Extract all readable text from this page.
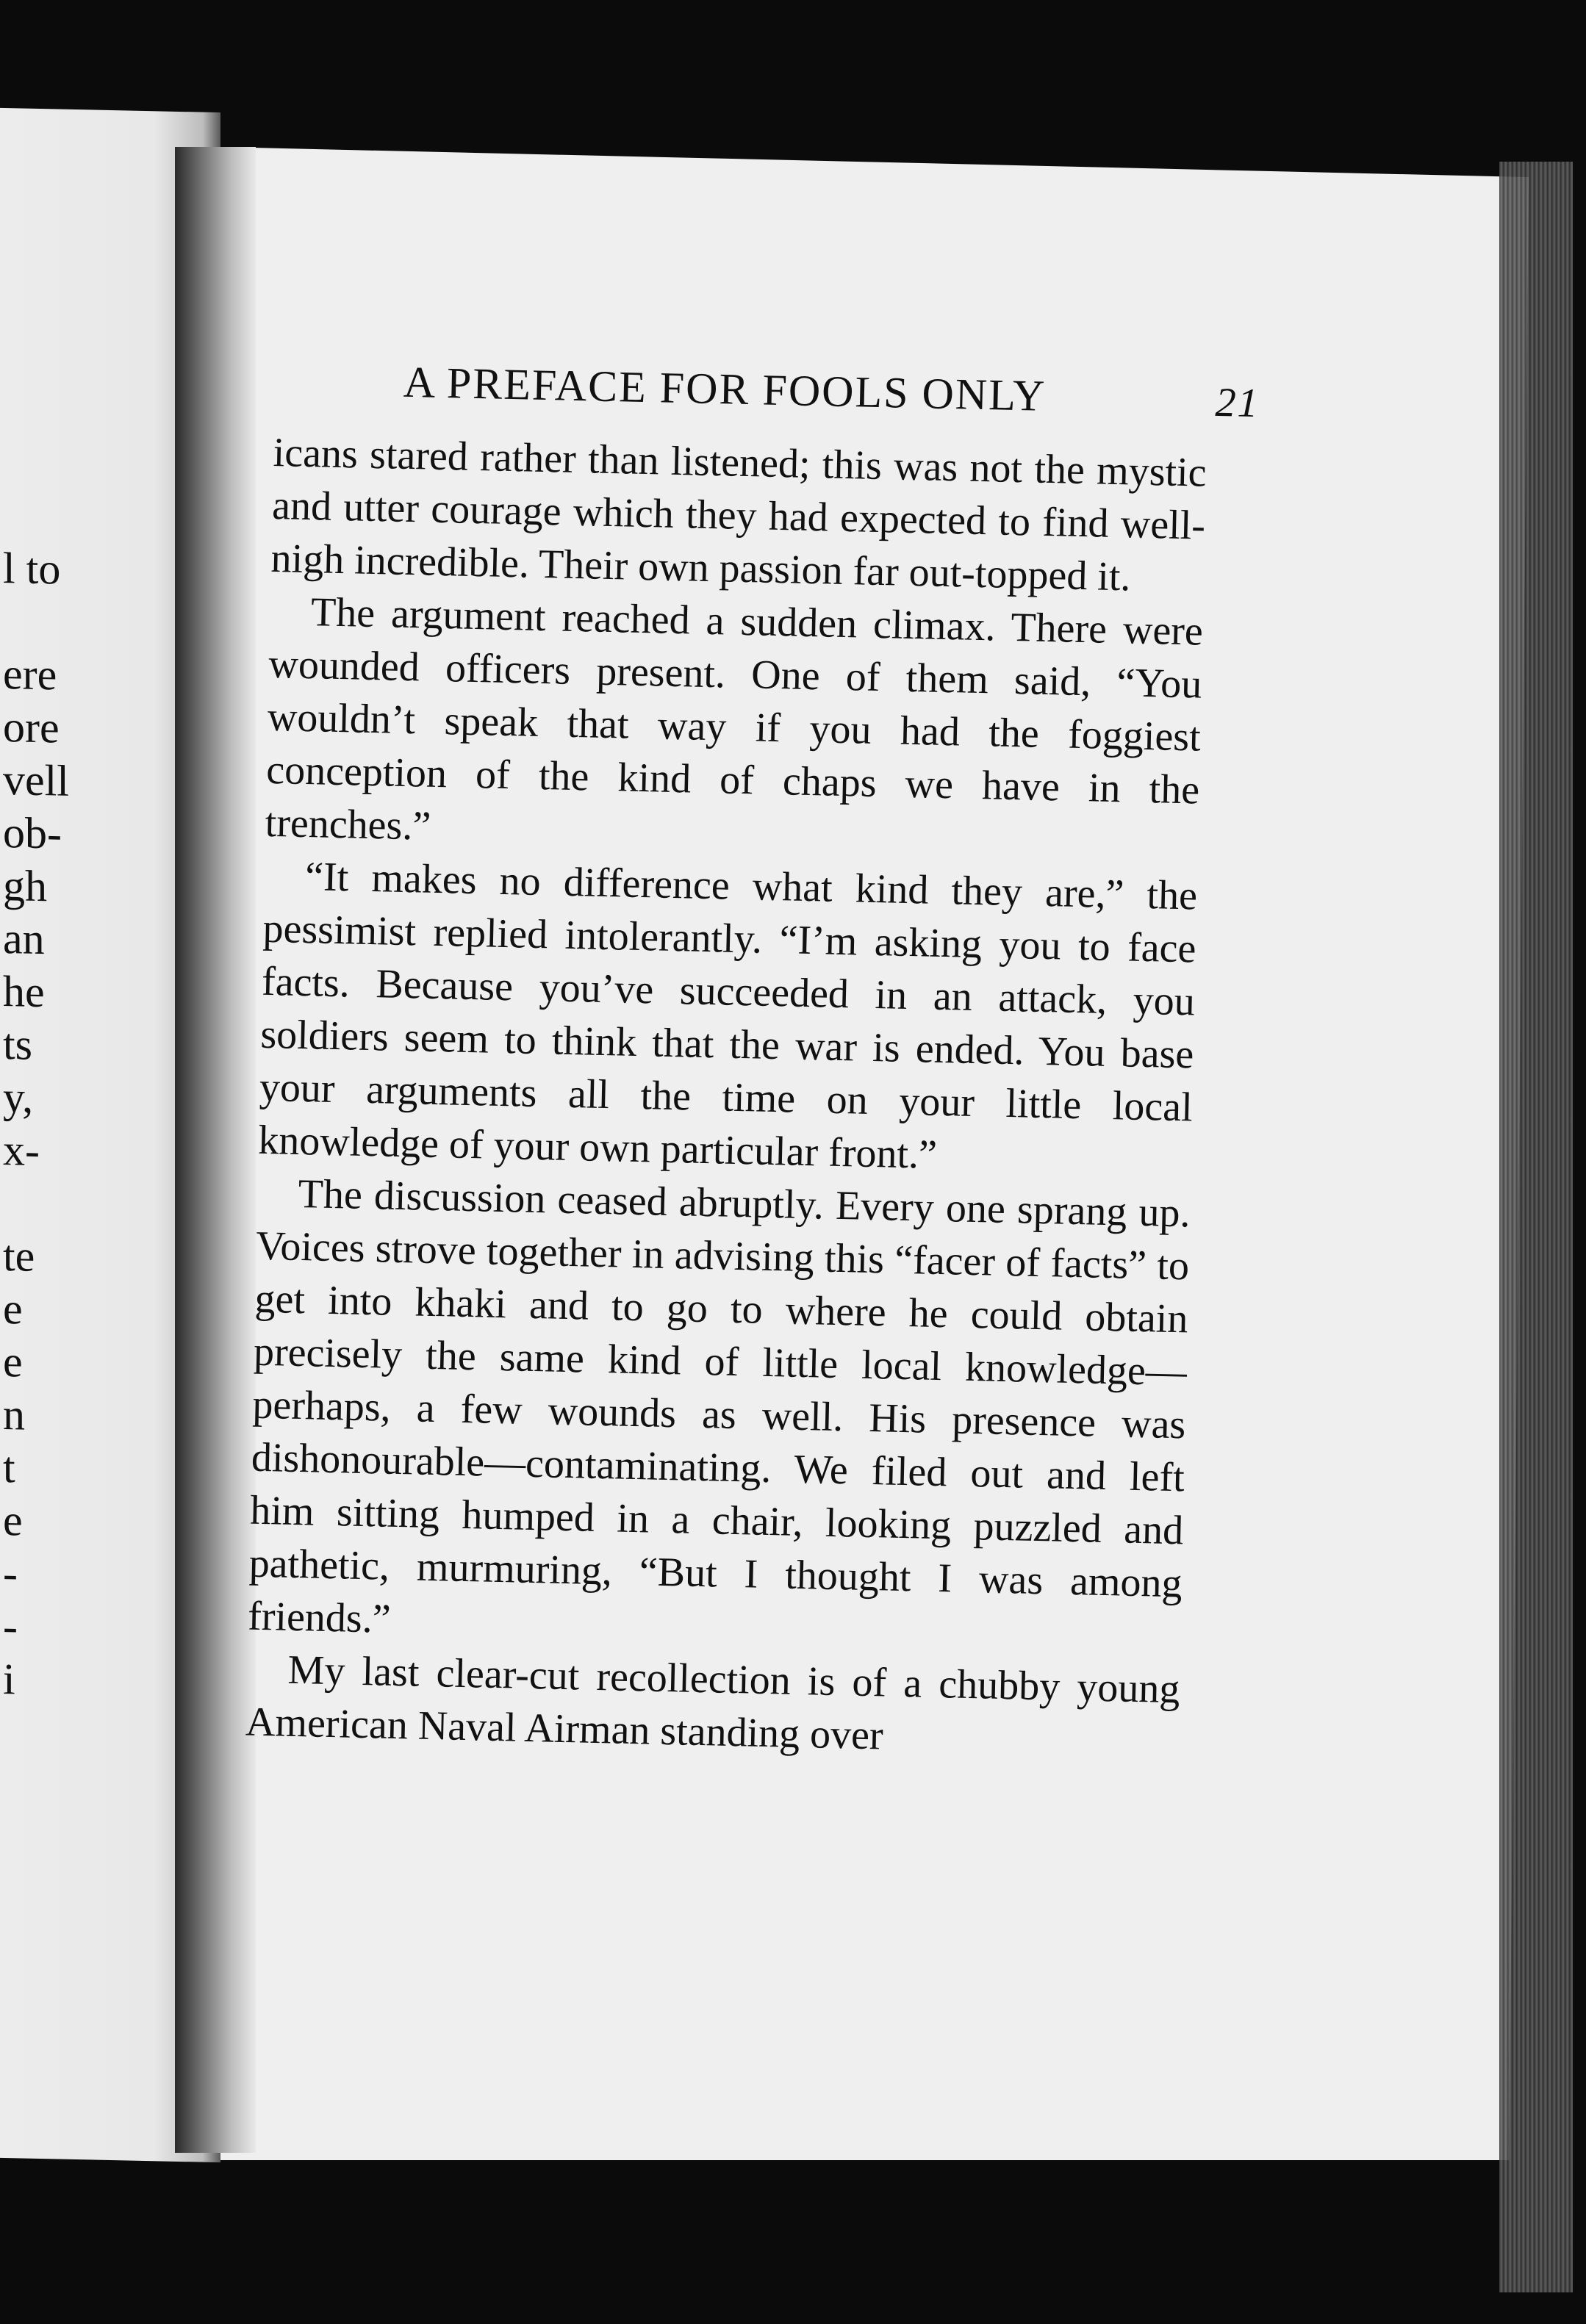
l to
ere
ore
vell
ob-
gh
an
he
ts
y,
x-
te
e
e
n
t
e
-
-
i
A PREFACE FOR FOOLS ONLY	21

icans stared rather than listened; this was not the mystic and utter courage which they had expected to find well-nigh incredible. Their own passion far out-topped it.

The argument reached a sudden climax. There were wounded officers present. One of them said, “You wouldn’t speak that way if you had the foggiest conception of the kind of chaps we have in the trenches.”

“It makes no difference what kind they are,” the pessimist replied intolerantly. “I’m asking you to face facts. Because you’ve succeeded in an attack, you soldiers seem to think that the war is ended. You base your arguments all the time on your little local knowledge of your own particular front.”

The discussion ceased abruptly. Every one sprang up. Voices strove together in advising this “facer of facts” to get into khaki and to go to where he could obtain precisely the same kind of little local knowledge—perhaps, a few wounds as well. His presence was dishonourable—contaminating. We filed out and left him sitting humped in a chair, looking puzzled and pathetic, murmuring, “But I thought I was among friends.”

My last clear-cut recollection is of a chubby young American Naval Airman standing over
